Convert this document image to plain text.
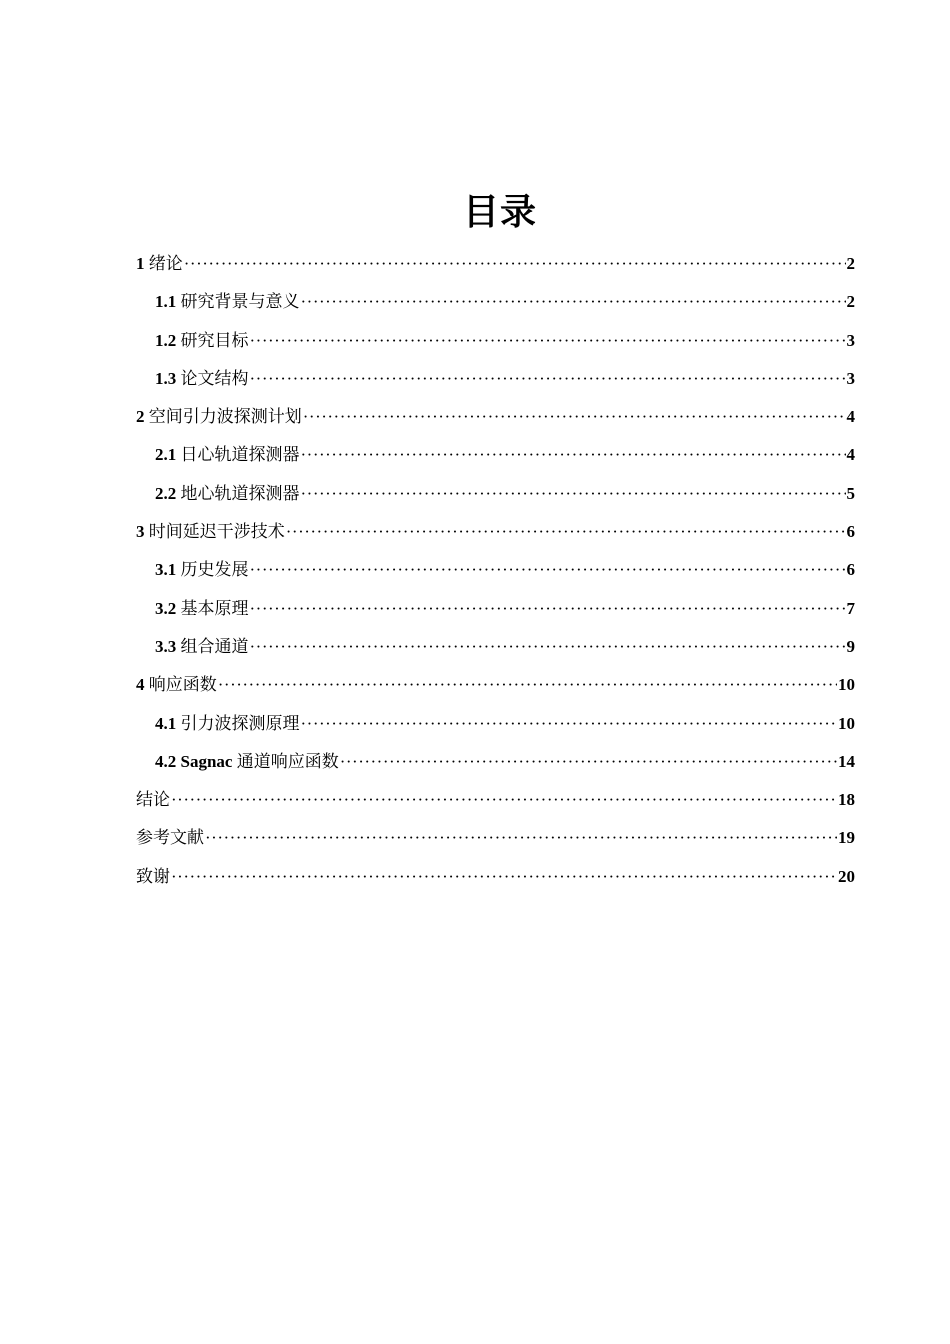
目录
1 绪论 ·····	2
1.1 研究背景与意义 ·····	2
1.2 研究目标 ·····	3
1.3 论文结构 ·····	3
2 空间引力波探测计划 ·····	4
2.1 日心轨道探测器 ·····	4
2.2 地心轨道探测器 ·····	5
3 时间延迟干涉技术 ·····	6
3.1 历史发展 ·····	6
3.2 基本原理 ·····	7
3.3 组合通道 ·····	9
4 响应函数 ·····	10
4.1 引力波探测原理 ·····	10
4.2 Sagnac 通道响应函数 ·····	14
结论 ·····	18
参考文献 ·····	19
致谢 ·····	20
